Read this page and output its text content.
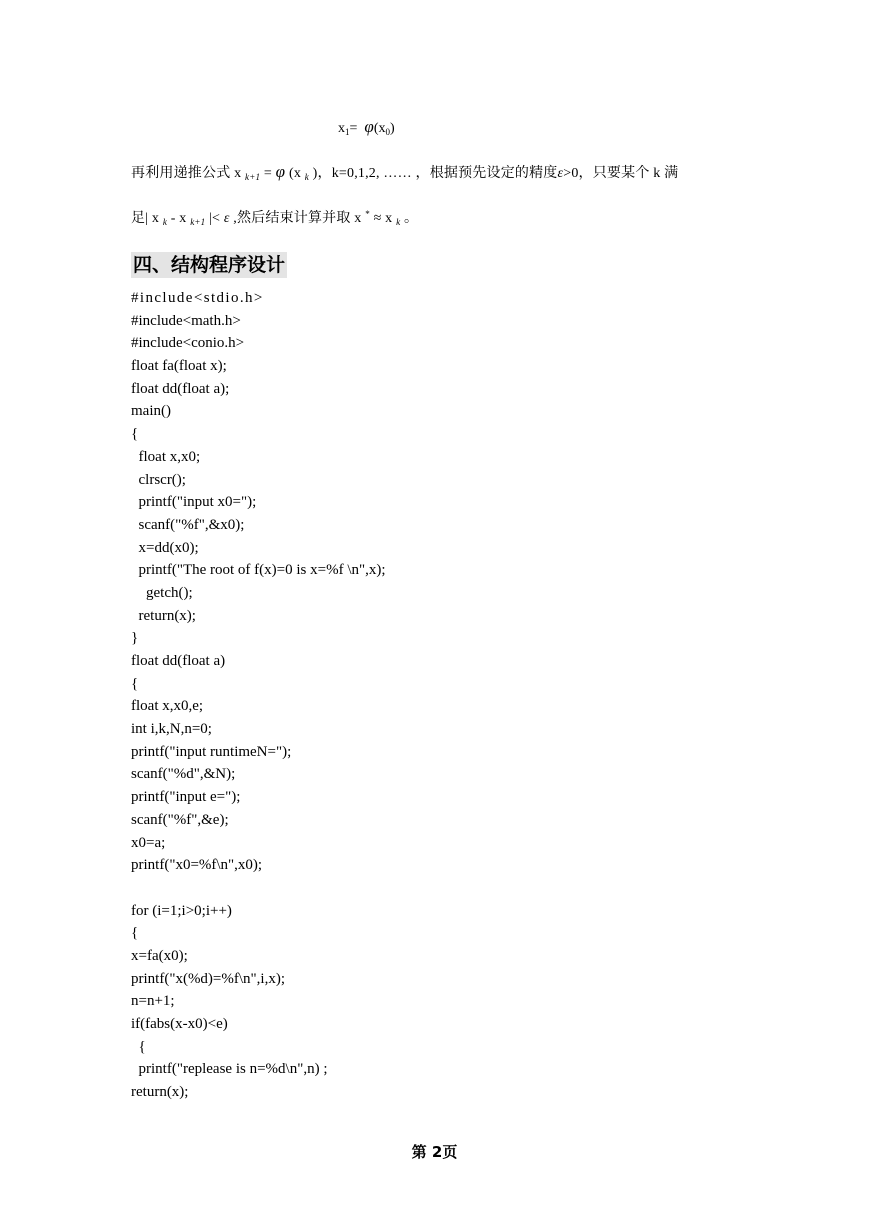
$x_1= \varphi(x_0)$
再利用递推公式 x $_{k+1}$ = φ (x $_k$ )，k=0,1,2, …… ，根据预先设定的精度ε>0，只要某个 k 满
足| x $_k$ - x $_{k+1}$ |< ε ,然后结束计算并取 x * ≈ x $_k$ 。
四、结构程序设计
#include<stdio.h>
#include<math.h>
#include<conio.h>
float fa(float x);
float dd(float a);
main()
{
float x,x0;
clrscr();
printf("input x0=");
scanf("%f",&x0);
x=dd(x0);
printf("The root of f(x)=0 is x=%f \n",x);
getch();
return(x);
}
float dd(float a)
{
float x,x0,e;
int i,k,N,n=0;
printf("input runtimeN=");
scanf("%d",&N);
printf("input e=");
scanf("%f",&e);
x0=a;
printf("x0=%f\n",x0);
for (i=1;i>0;i++)
{
x=fa(x0);
printf("x(%d)=%f\n",i,x);
n=n+1;
if(fabs(x-x0)<e)
{
printf("replease is n=%d\n",n) ;
return(x);
第 2页
